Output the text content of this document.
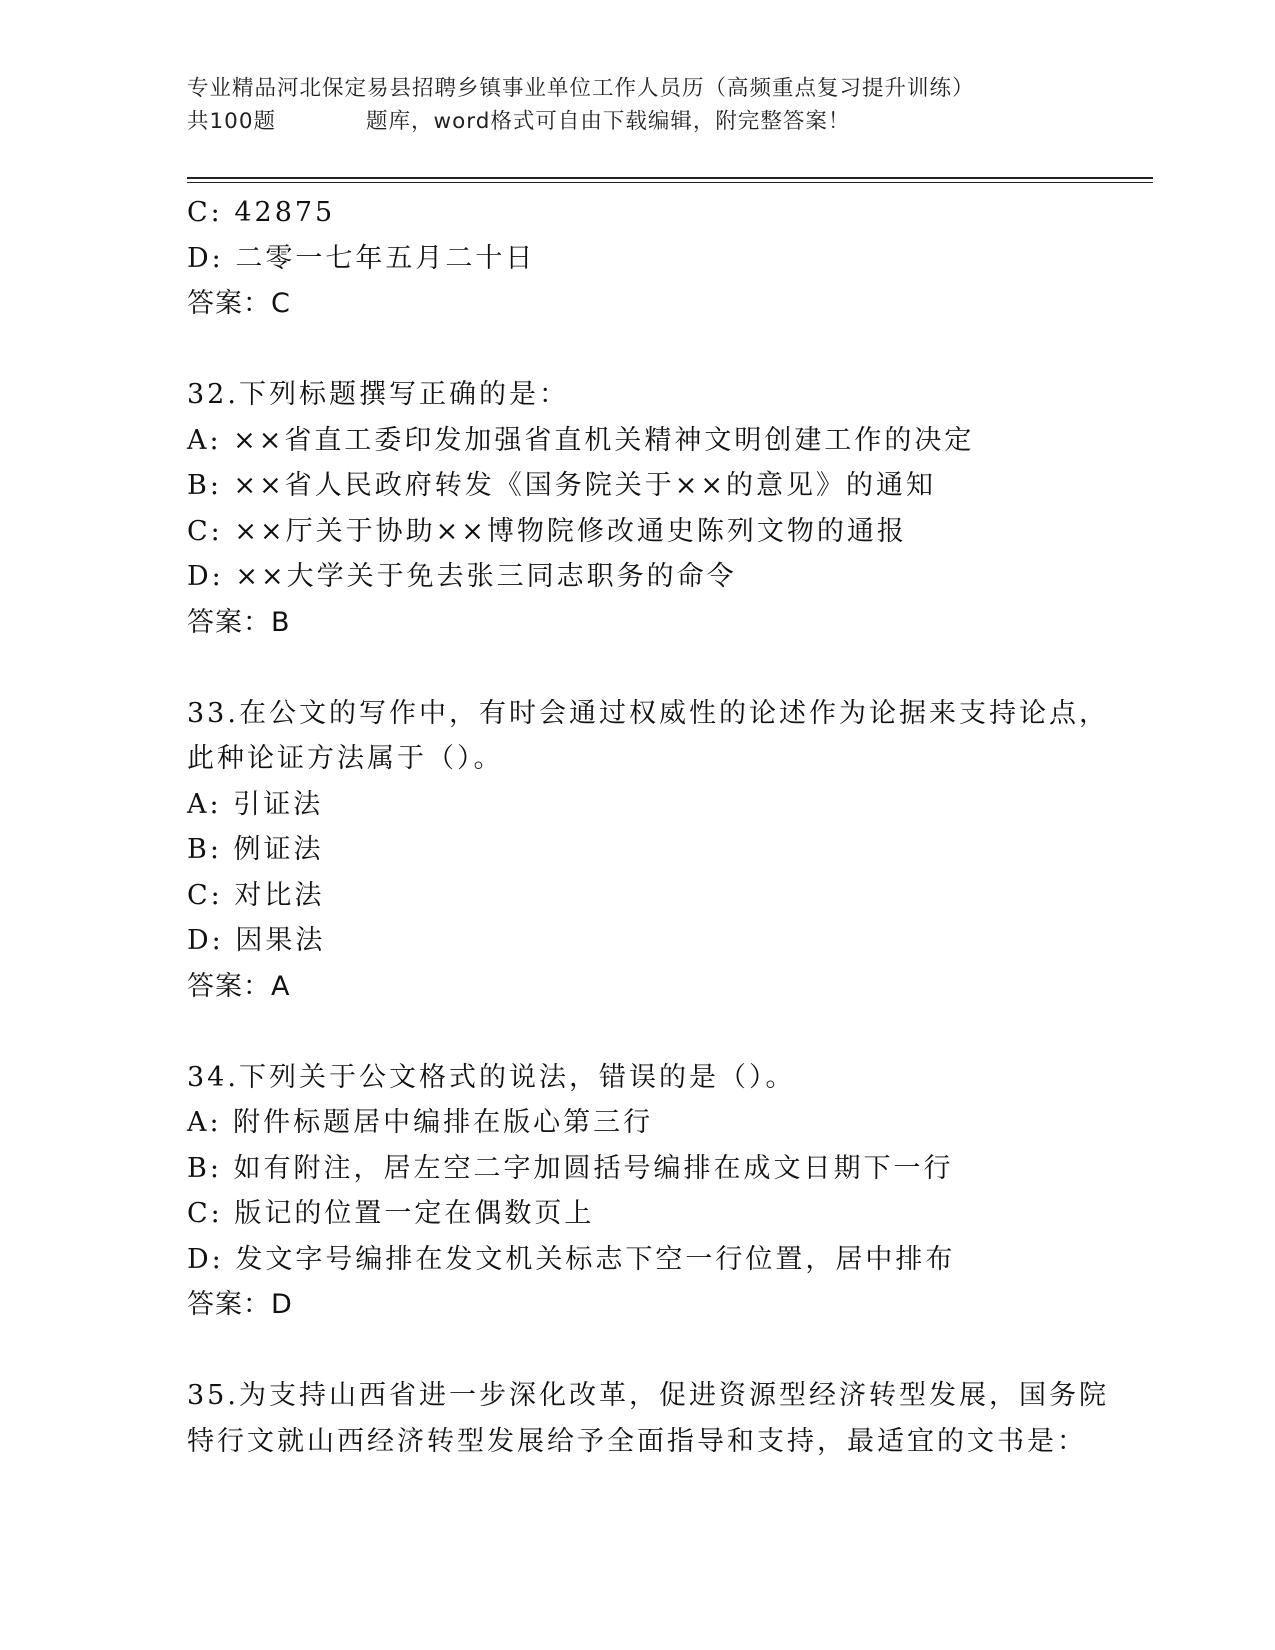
专业精品河北保定易县招聘乡镇事业单位工作人员历（高频重点复习提升训练）
共100题	题库，word格式可自由下载编辑，附完整答案！
C: 42875
D: 二零一七年五月二十日
答案：C
32.下列标题撰写正确的是：
A: ××省直工委印发加强省直机关精神文明创建工作的决定
B: ××省人民政府转发《国务院关于××的意见》的通知
C: ××厅关于协助××博物院修改通史陈列文物的通报
D: ××大学关于免去张三同志职务的命令
答案：B
33.在公文的写作中，有时会通过权威性的论述作为论据来支持论点，
此种论证方法属于（）。
A: 引证法
B: 例证法
C: 对比法
D: 因果法
答案：A
34.下列关于公文格式的说法，错误的是（）。
A: 附件标题居中编排在版心第三行
B: 如有附注，居左空二字加圆括号编排在成文日期下一行
C: 版记的位置一定在偶数页上
D: 发文字号编排在发文机关标志下空一行位置，居中排布
答案：D
35.为支持山西省进一步深化改革，促进资源型经济转型发展，国务院
特行文就山西经济转型发展给予全面指导和支持，最适宜的文书是：
